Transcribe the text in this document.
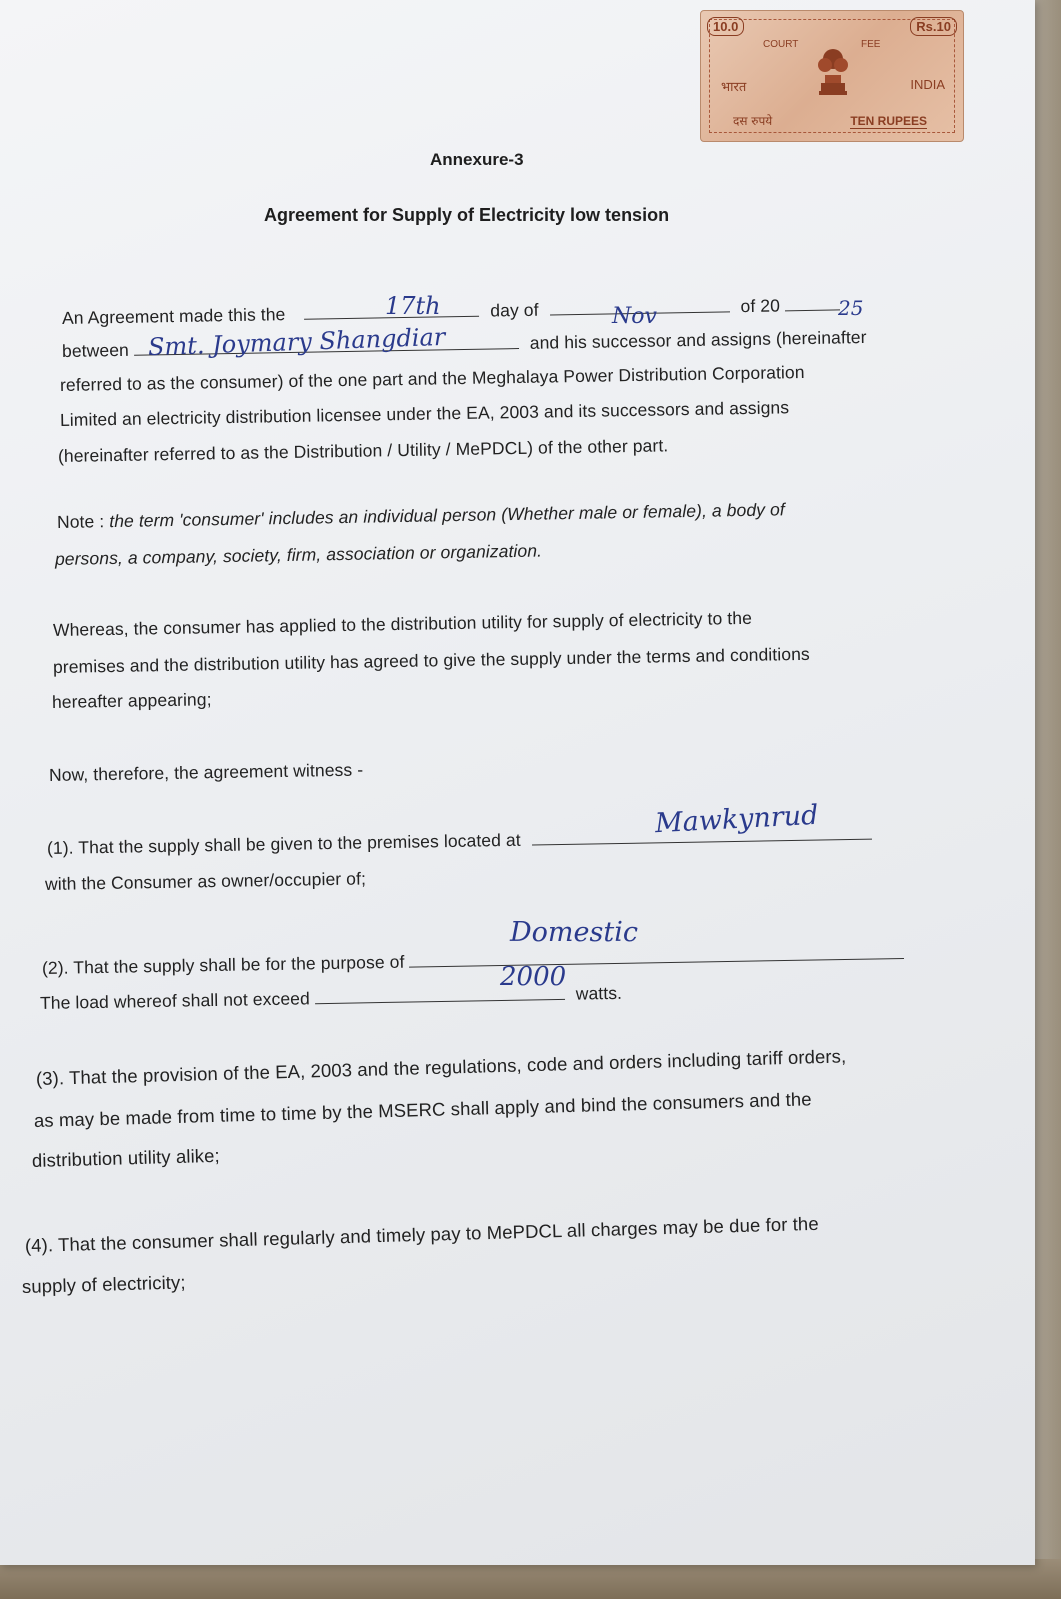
10.0	Rs.10
COURT	FEE
भारत	INDIA
दस रुपये	TEN RUPEES
Annexure-3
Agreement for Supply of Electricity low tension
An Agreement made this the	day of	of 20
17th	Nov	25
between	and his successor and assigns (hereinafter
Smt. Joymary Shangdiar
referred to as the consumer) of the one part and the Meghalaya Power Distribution Corporation
Limited an electricity distribution licensee under the EA, 2003 and its successors and assigns
(hereinafter referred to as the Distribution / Utility / MePDCL) of the other part.
Note : the term 'consumer' includes an individual person (Whether male or female), a body of
persons, a company, society, firm, association or organization.
Whereas, the consumer has applied to the distribution utility for supply of electricity to the
premises and the distribution utility has agreed to give the supply under the terms and conditions
hereafter appearing;
Now, therefore, the agreement witness -
(1). That the supply shall be given to the premises located at
Mawkynrud
with the Consumer as owner/occupier of;
(2). That the supply shall be for the purpose of
Domestic
The load whereof shall not exceed	watts.
2000
(3). That the provision of the EA, 2003 and the regulations, code and orders including tariff orders,
as may be made from time to time by the MSERC shall apply and bind the consumers and the
distribution utility alike;
(4). That the consumer shall regularly and timely pay to MePDCL all charges may be due for the
supply of electricity;
